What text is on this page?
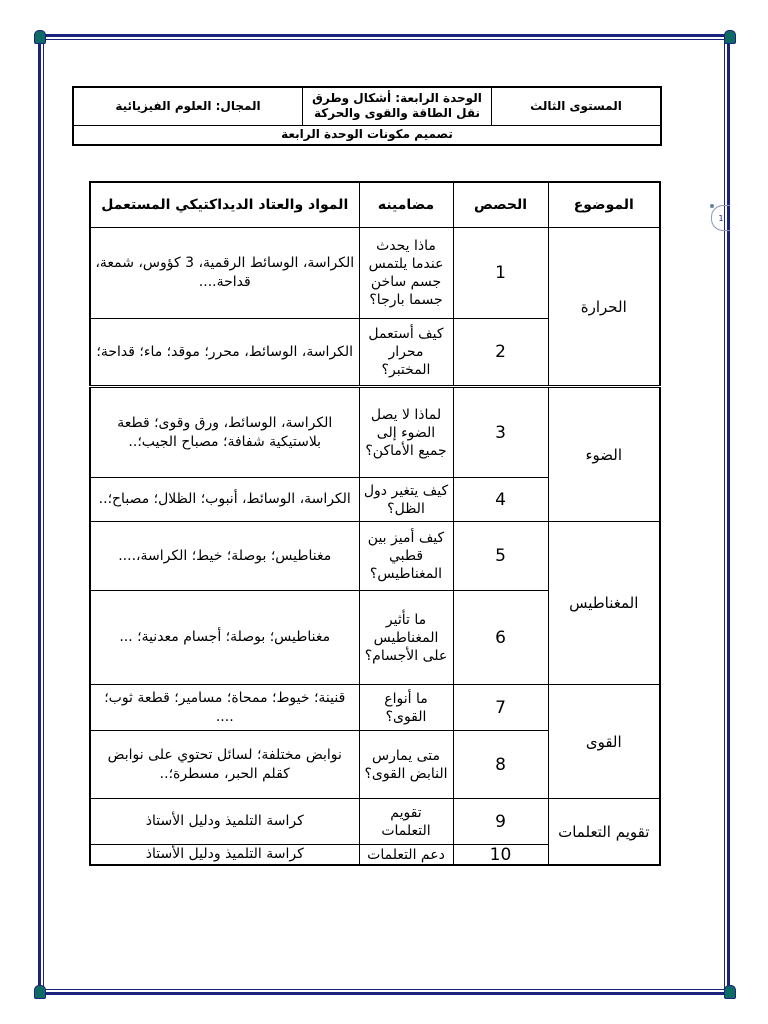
1
المستوى الثالث	الوحدة الرابعة: أشكال وطرق نقل الطاقة والقوى والحركة	المجال: العلوم الفيزيائية
تصميم مكونات الوحدة الرابعة
الموضوع	الحصص	مضامينه	المواد والعتاد الديداكتيكي المستعمل
الحرارة	1	ماذا يحدث عندما يلتمس جسم ساخن جسما بارجا؟	الكراسة، الوسائط الرقمية، 3 كؤوس، شمعة، قداحة....
	2	كيف أستعمل محرار المختبر؟	الكراسة، الوسائط، محرر؛ موقد؛ ماء؛ قداحة؛
الضوء	3	لماذا لا يصل الضوء إلى جميع الأماكن؟	الكراسة، الوسائط، ورق وقوى؛ قطعة بلاستيكية شفافة؛ مصباح الجيب؛..
	4	كيف يتغير دول الظل؟	الكراسة، الوسائط، أنبوب؛ الظلال؛ مصباح؛..
المغناطيس	5	كيف أميز بين قطبي المغناطيس؟	مغناطيس؛ بوصلة؛ خيط؛ الكراسة،....
	6	ما تأثير المغناطيس على الأجسام؟	مغناطيس؛ بوصلة؛ أجسام معدنية؛ ...
القوى	7	ما أنواع القوى؟	قنينة؛ خيوط؛ ممحاة؛ مسامير؛ قطعة ثوب؛ ....
	8	متى يمارس النابض القوى؟	نوابض مختلفة؛ لسائل تحتوي على نوابض كقلم الحبر، مسطرة؛..
تقويم التعلمات	9	تقويم التعلمات	كراسة التلميذ ودليل الأستاذ
	10	دعم التعلمات	كراسة التلميذ ودليل الأستاذ
